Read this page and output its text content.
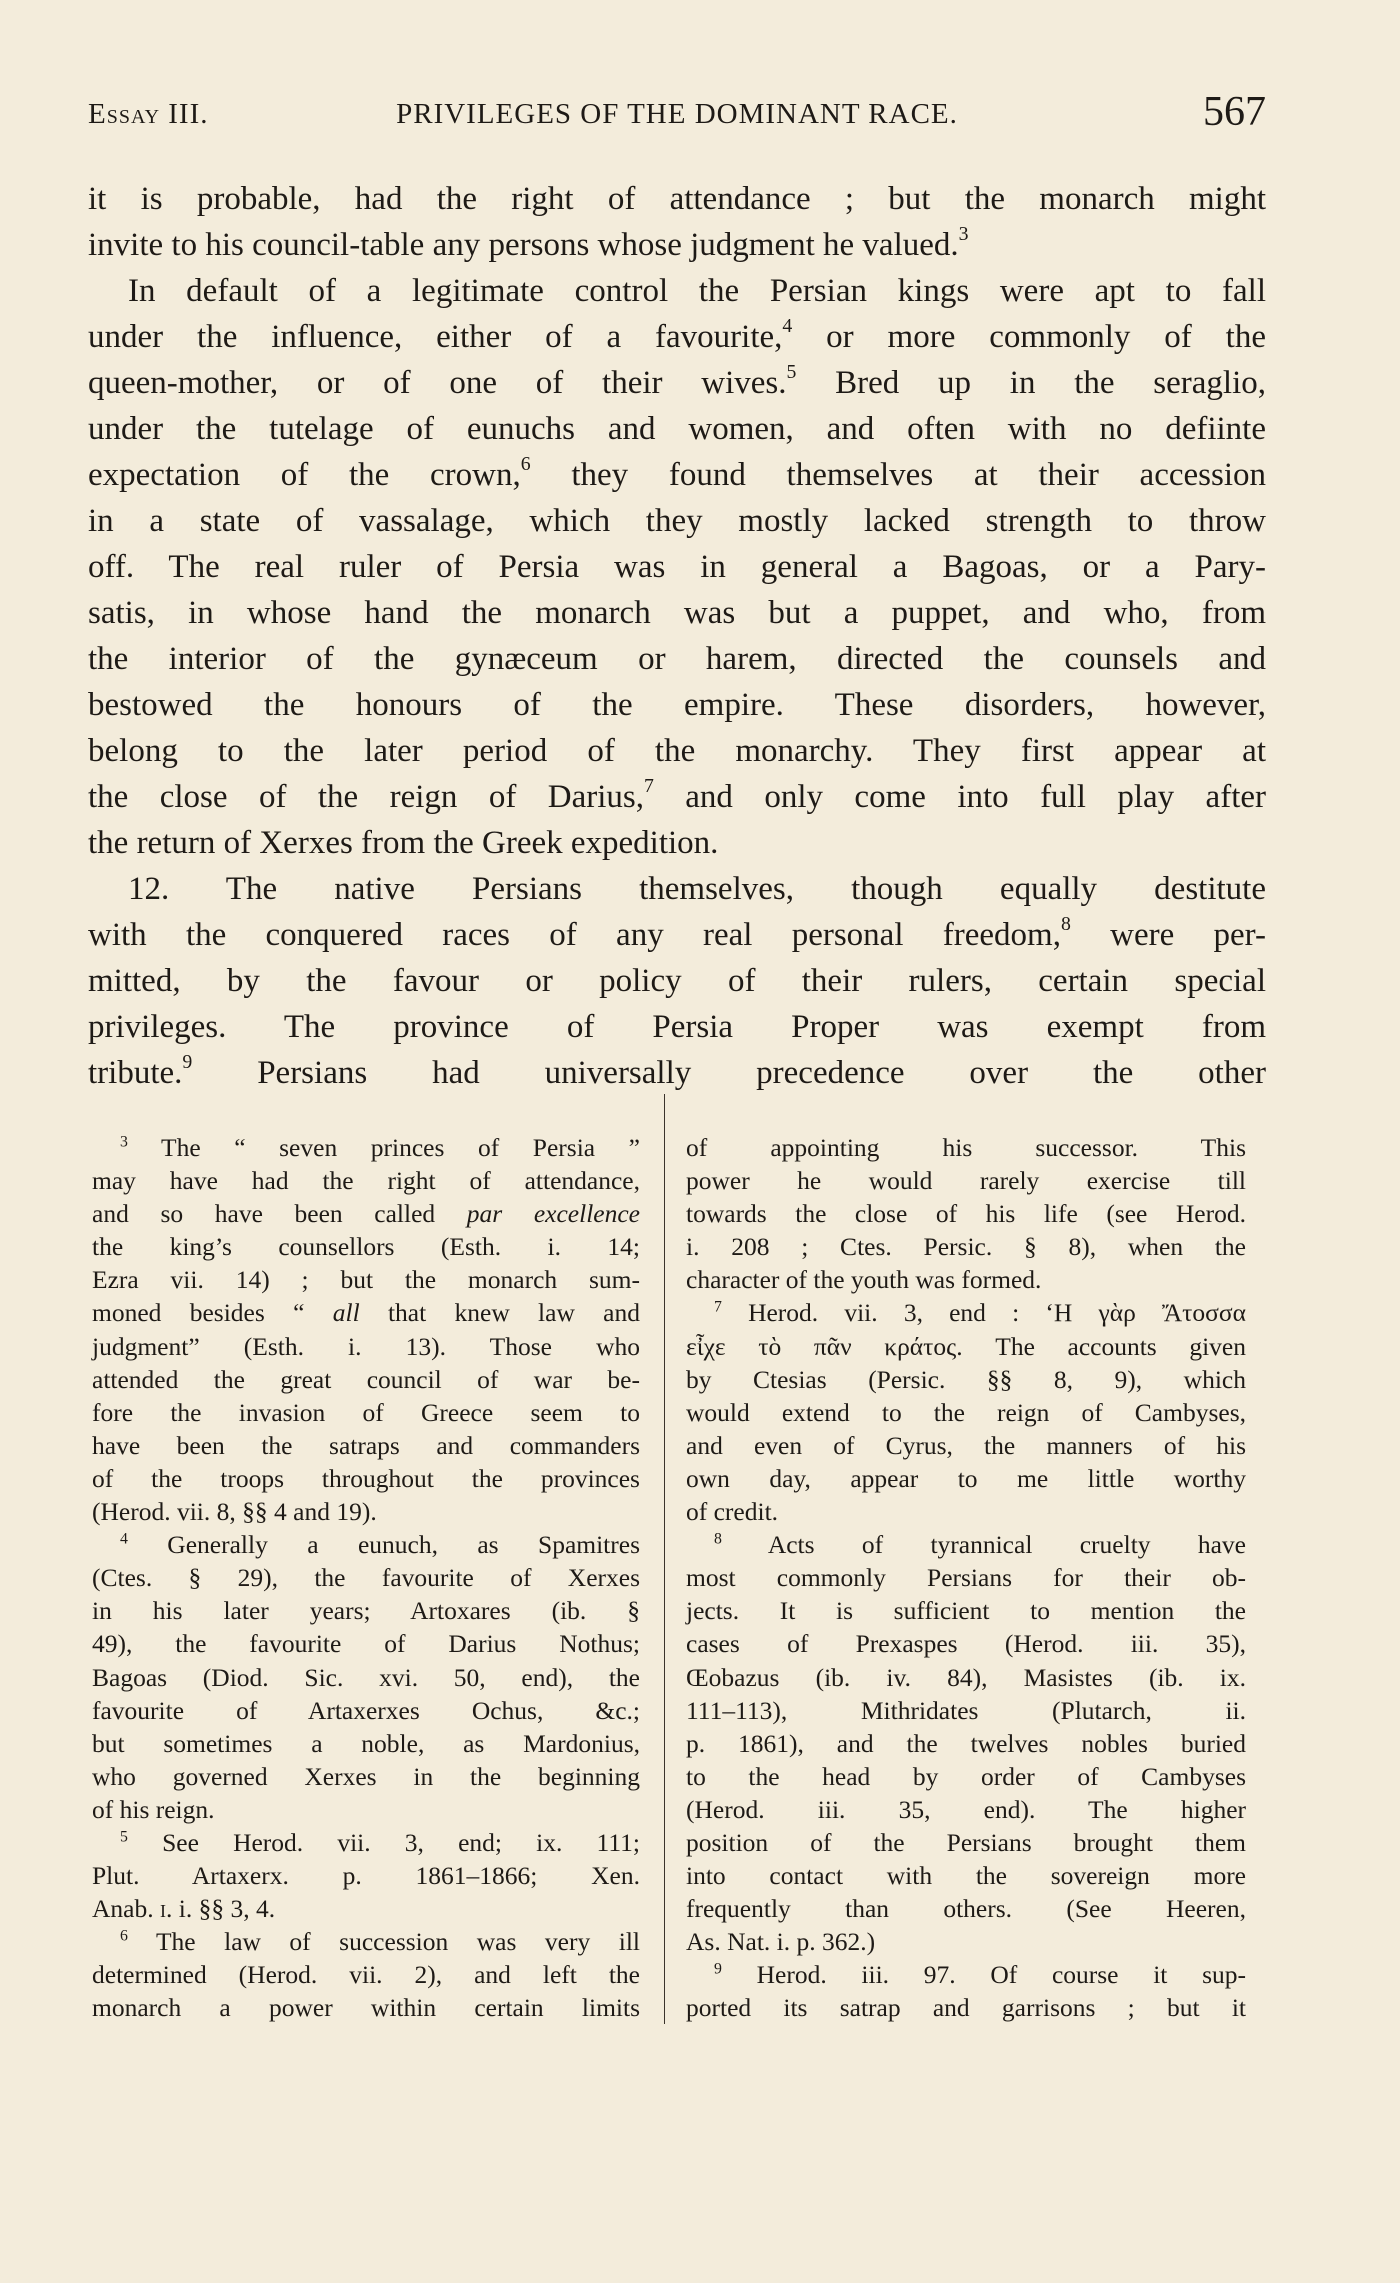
Essay III.	PRIVILEGES OF THE DOMINANT RACE.	567
it is probable, had the right of attendance ; but the monarch might
invite to his council-table any persons whose judgment he valued.$^3$
In default of a legitimate control the Persian kings were apt to fall
under the influence, either of a favourite,$^4$ or more commonly of the
queen-mother, or of one of their wives.$^5$ Bred up in the seraglio,
under the tutelage of eunuchs and women, and often with no defiinte
expectation of the crown,$^6$ they found themselves at their accession
in a state of vassalage, which they mostly lacked strength to throw
off. The real ruler of Persia was in general a Bagoas, or a Pary-
satis, in whose hand the monarch was but a puppet, and who, from
the interior of the gynæceum or harem, directed the counsels and
bestowed the honours of the empire. These disorders, however,
belong to the later period of the monarchy. They first appear at
the close of the reign of Darius,$^7$ and only come into full play after
the return of Xerxes from the Greek expedition.
12. The native Persians themselves, though equally destitute
with the conquered races of any real personal freedom,$^8$ were per-
mitted, by the favour or policy of their rulers, certain special
privileges. The province of Persia Proper was exempt from
tribute.$^9$ Persians had universally precedence over the other
$^3$ The “ seven princes of Persia ”
may have had the right of attendance,
and so have been called par excellence
the king’s counsellors (Esth. i. 14;
Ezra vii. 14) ; but the monarch sum-
moned besides “ all that knew law and
judgment” (Esth. i. 13). Those who
attended the great council of war be-
fore the invasion of Greece seem to
have been the satraps and commanders
of the troops throughout the provinces
(Herod. vii. 8, §§ 4 and 19).
$^4$ Generally a eunuch, as Spamitres
(Ctes. § 29), the favourite of Xerxes
in his later years; Artoxares (ib. §
49), the favourite of Darius Nothus;
Bagoas (Diod. Sic. xvi. 50, end), the
favourite of Artaxerxes Ochus, &c.;
but sometimes a noble, as Mardonius,
who governed Xerxes in the beginning
of his reign.
$^5$ See Herod. vii. 3, end; ix. 111;
Plut. Artaxerx. p. 1861–1866; Xen.
Anab. i. i. §§ 3, 4.
$^6$ The law of succession was very ill
determined (Herod. vii. 2), and left the
monarch a power within certain limits
of appointing his successor. This
power he would rarely exercise till
towards the close of his life (see Herod.
i. 208 ; Ctes. Persic. § 8), when the
character of the youth was formed.
$^7$ Herod. vii. 3, end : ‘Η γὰρ Ἄτοσσα
εἶχε τὸ πᾶν κράτος. The accounts given
by Ctesias (Persic. §§ 8, 9), which
would extend to the reign of Cambyses,
and even of Cyrus, the manners of his
own day, appear to me little worthy
of credit.
$^8$ Acts of tyrannical cruelty have
most commonly Persians for their ob-
jects. It is sufficient to mention the
cases of Prexaspes (Herod. iii. 35),
Œobazus (ib. iv. 84), Masistes (ib. ix.
111–113), Mithridates (Plutarch, ii.
p. 1861), and the twelves nobles buried
to the head by order of Cambyses
(Herod. iii. 35, end). The higher
position of the Persians brought them
into contact with the sovereign more
frequently than others. (See Heeren,
As. Nat. i. p. 362.)
$^9$ Herod. iii. 97. Of course it sup-
ported its satrap and garrisons ; but it
